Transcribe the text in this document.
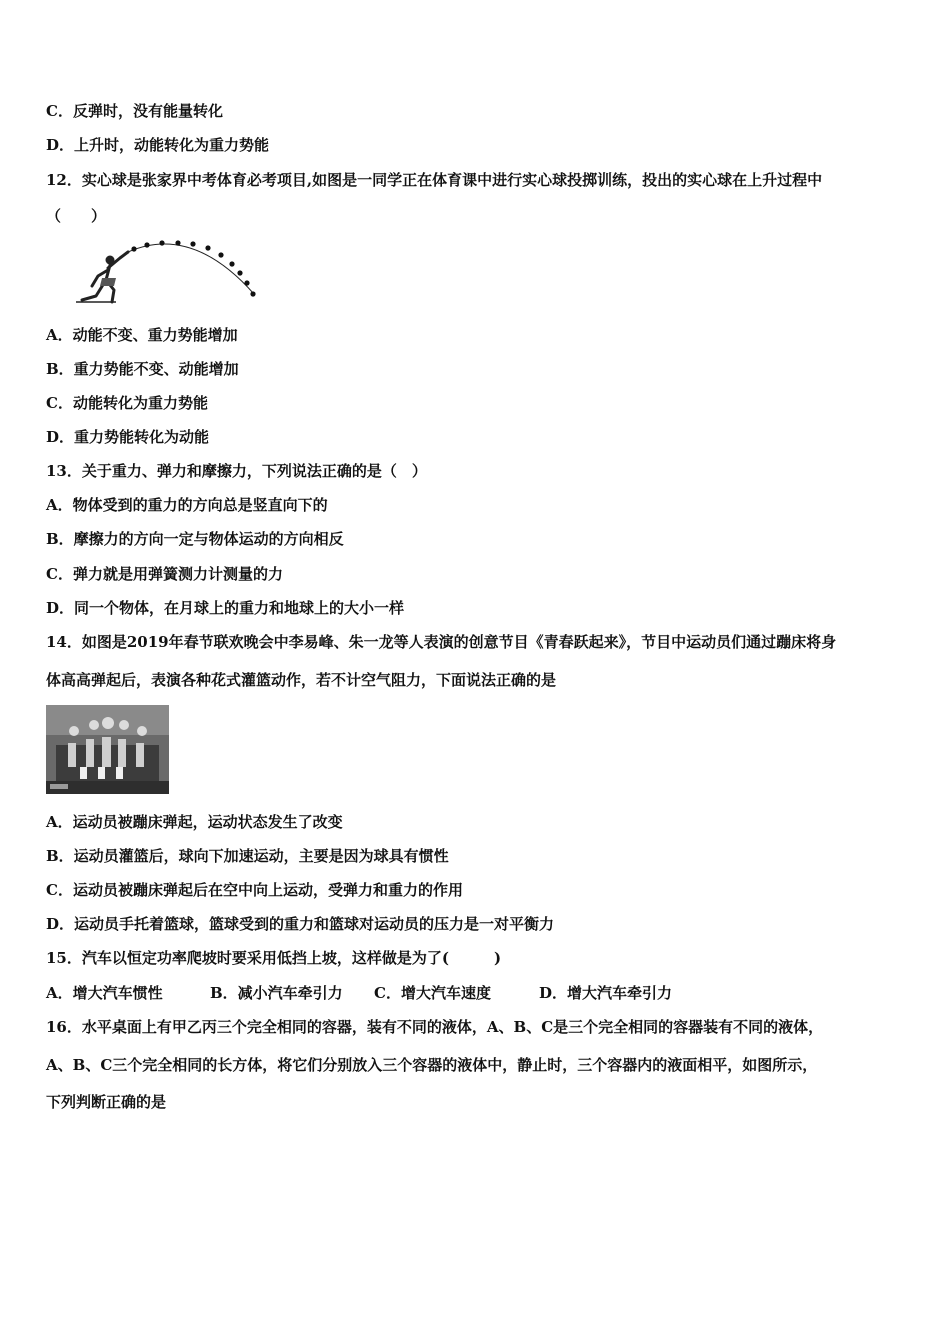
C．反弹时，没有能量转化
D．上升时，动能转化为重力势能
12．实心球是张家界中考体育必考项目,如图是一同学正在体育课中进行实心球投掷训练，投出的实心球在上升过程中
（　　）
A．动能不变、重力势能增加
B．重力势能不变、动能增加
C．动能转化为重力势能
D．重力势能转化为动能
13．关于重力、弹力和摩擦力，下列说法正确的是（　）
A．物体受到的重力的方向总是竖直向下的
B．摩擦力的方向一定与物体运动的方向相反
C．弹力就是用弹簧测力计测量的力
D．同一个物体，在月球上的重力和地球上的大小一样
14．如图是2019年春节联欢晚会中李易峰、朱一龙等人表演的创意节目《青春跃起来》，节目中运动员们通过蹦床将身
体高高弹起后，表演各种花式灌篮动作，若不计空气阻力，下面说法正确的是
A．运动员被蹦床弹起，运动状态发生了改变
B．运动员灌篮后，球向下加速运动，主要是因为球具有惯性
C．运动员被蹦床弹起后在空中向上运动，受弹力和重力的作用
D．运动员手托着篮球，篮球受到的重力和篮球对运动员的压力是一对平衡力
15．汽车以恒定功率爬坡时要采用低挡上坡，这样做是为了(　　　)
A．增大汽车惯性	B．减小汽车牵引力 C．增大汽车速度	D．增大汽车牵引力
16．水平桌面上有甲乙丙三个完全相同的容器，装有不同的液体，A、B、C是三个完全相同的容器装有不同的液体，
A、B、C三个完全相同的长方体，将它们分别放入三个容器的液体中，静止时，三个容器内的液面相平，如图所示，
下列判断正确的是
